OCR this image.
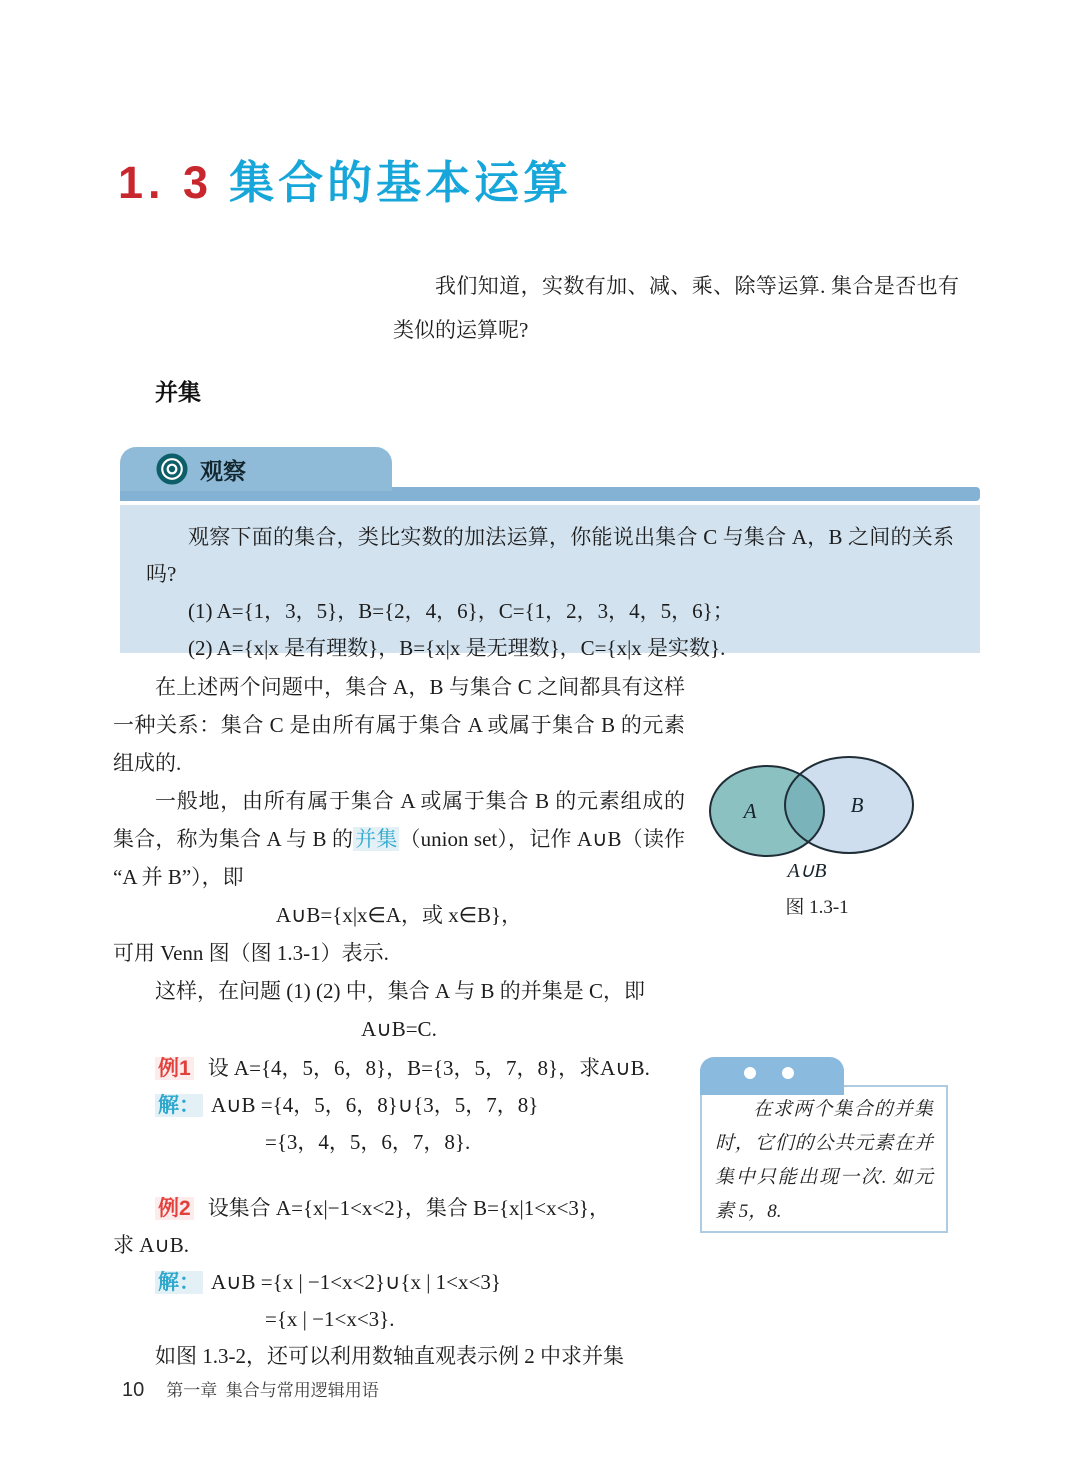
1. 3 集合的基本运算

我们知道，实数有加、减、乘、除等运算. 集合是否也有类似的运算呢?

并集
观察

观察下面的集合，类比实数的加法运算，你能说出集合 C 与集合 A，B 之间的关系吗?

(1) A={1，3，5}，B={2，4，6}，C={1，2，3，4，5，6}；

(2) A={x|x 是有理数}，B={x|x 是无理数}，C={x|x 是实数}.

在上述两个问题中，集合 A，B 与集合 C 之间都具有这样一种关系：集合 C 是由所有属于集合 A 或属于集合 B 的元素组成的.

一般地，由所有属于集合 A 或属于集合 B 的元素组成的集合，称为集合 A 与 B 的并集（union set），记作 A∪B（读作 “A 并 B”），即

A∪B={x|x∈A，或 x∈B}，

可用 Venn 图（图 1.3-1）表示.

这样，在问题 (1) (2) 中，集合 A 与 B 的并集是 C，即

A∪B=C.

A	B
A∪B
图 1.3-1

例1 设 A={4，5，6，8}，B={3，5，7，8}，求A∪B.

解： A∪B ={4，5，6，8}∪{3，5，7，8}

={3，4，5，6，7，8}.

在求两个集合的并集时，它们的公共元素在并集中只能出现一次. 如元素 5，8.

例2 设集合 A={x|−1<x<2}，集合 B={x|1<x<3}，

求 A∪B.

解： A∪B ={x | −1<x<2}∪{x | 1<x<3}

={x | −1<x<3}.

如图 1.3-2，还可以利用数轴直观表示例 2 中求并集

10 第一章  集合与常用逻辑用语
